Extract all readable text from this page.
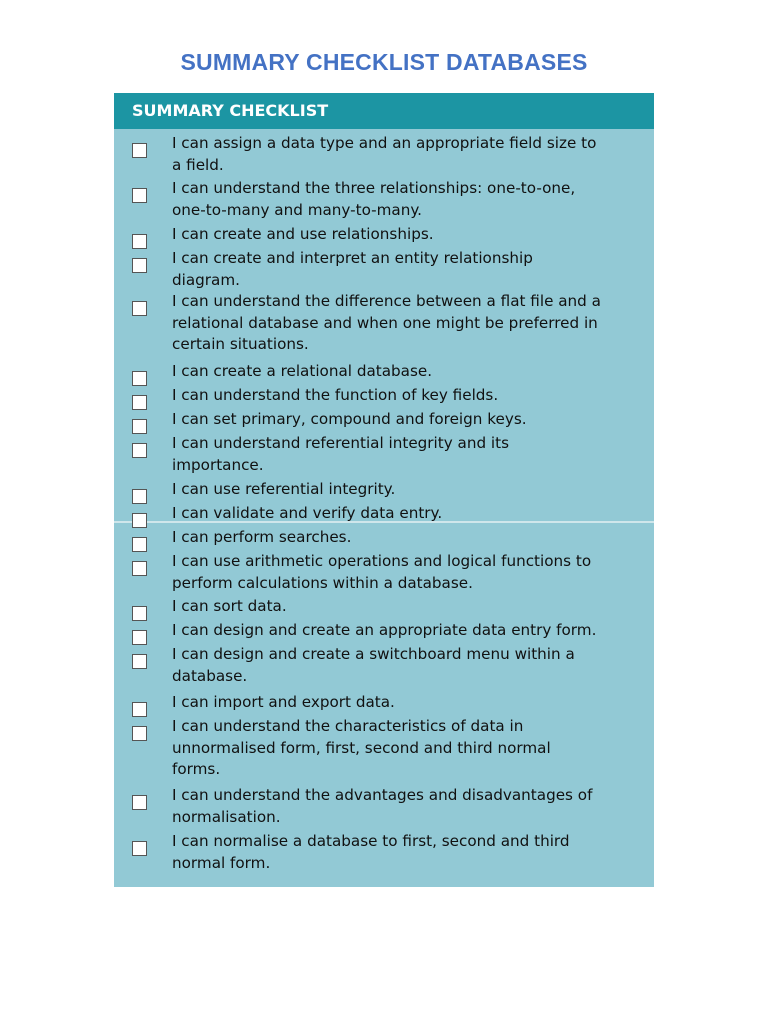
SUMMARY CHECKLIST DATABASES
SUMMARY CHECKLIST
I can assign a data type and an appropriate field size to
a field.
I can understand the three relationships: one-to-one,
one-to-many and many-to-many.
I can create and use relationships.
I can create and interpret an entity relationship
diagram.
I can understand the difference between a flat file and a
relational database and when one might be preferred in
certain situations.
I can create a relational database.
I can understand the function of key fields.
I can set primary, compound and foreign keys.
I can understand referential integrity and its
importance.
I can use referential integrity.
I can validate and verify data entry.
I can perform searches.
I can use arithmetic operations and logical functions to
perform calculations within a database.
I can sort data.
I can design and create an appropriate data entry form.
I can design and create a switchboard menu within a
database.
I can import and export data.
I can understand the characteristics of data in
unnormalised form, first, second and third normal
forms.
I can understand the advantages and disadvantages of
normalisation.
I can normalise a database to first, second and third
normal form.
